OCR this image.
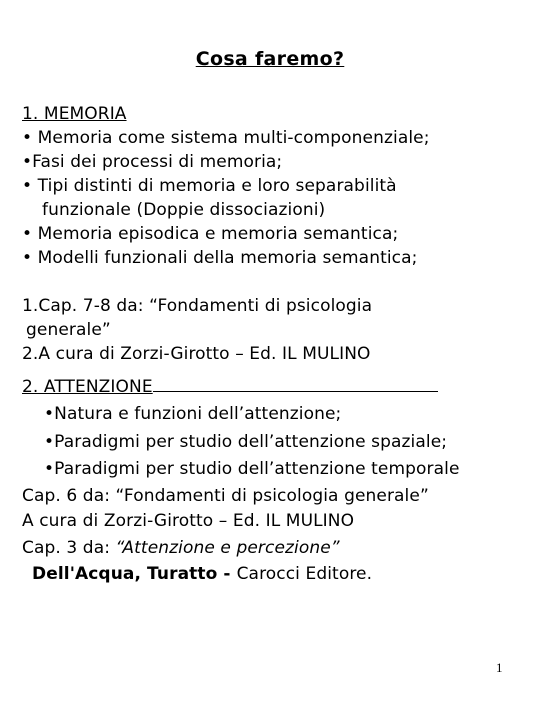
Cosa faremo?
1. MEMORIA
• Memoria come sistema multi-componenziale;
•Fasi dei processi di memoria;
• Tipi distinti di memoria e loro separabilità
funzionale (Doppie dissociazioni)
• Memoria episodica e memoria semantica;
• Modelli funzionali della memoria semantica;
1.Cap. 7-8 da: “Fondamenti di psicologia
generale”
2.A cura di Zorzi-Girotto – Ed. IL MULINO
2. ATTENZIONE
•Natura e funzioni dell’attenzione;
•Paradigmi per studio dell’attenzione spaziale;
•Paradigmi per studio dell’attenzione temporale
Cap. 6 da: “Fondamenti di psicologia generale”
A cura di Zorzi-Girotto – Ed. IL MULINO
Cap. 3 da: “Attenzione e percezione”
Dell'Acqua, Turatto - Carocci Editore.
1
